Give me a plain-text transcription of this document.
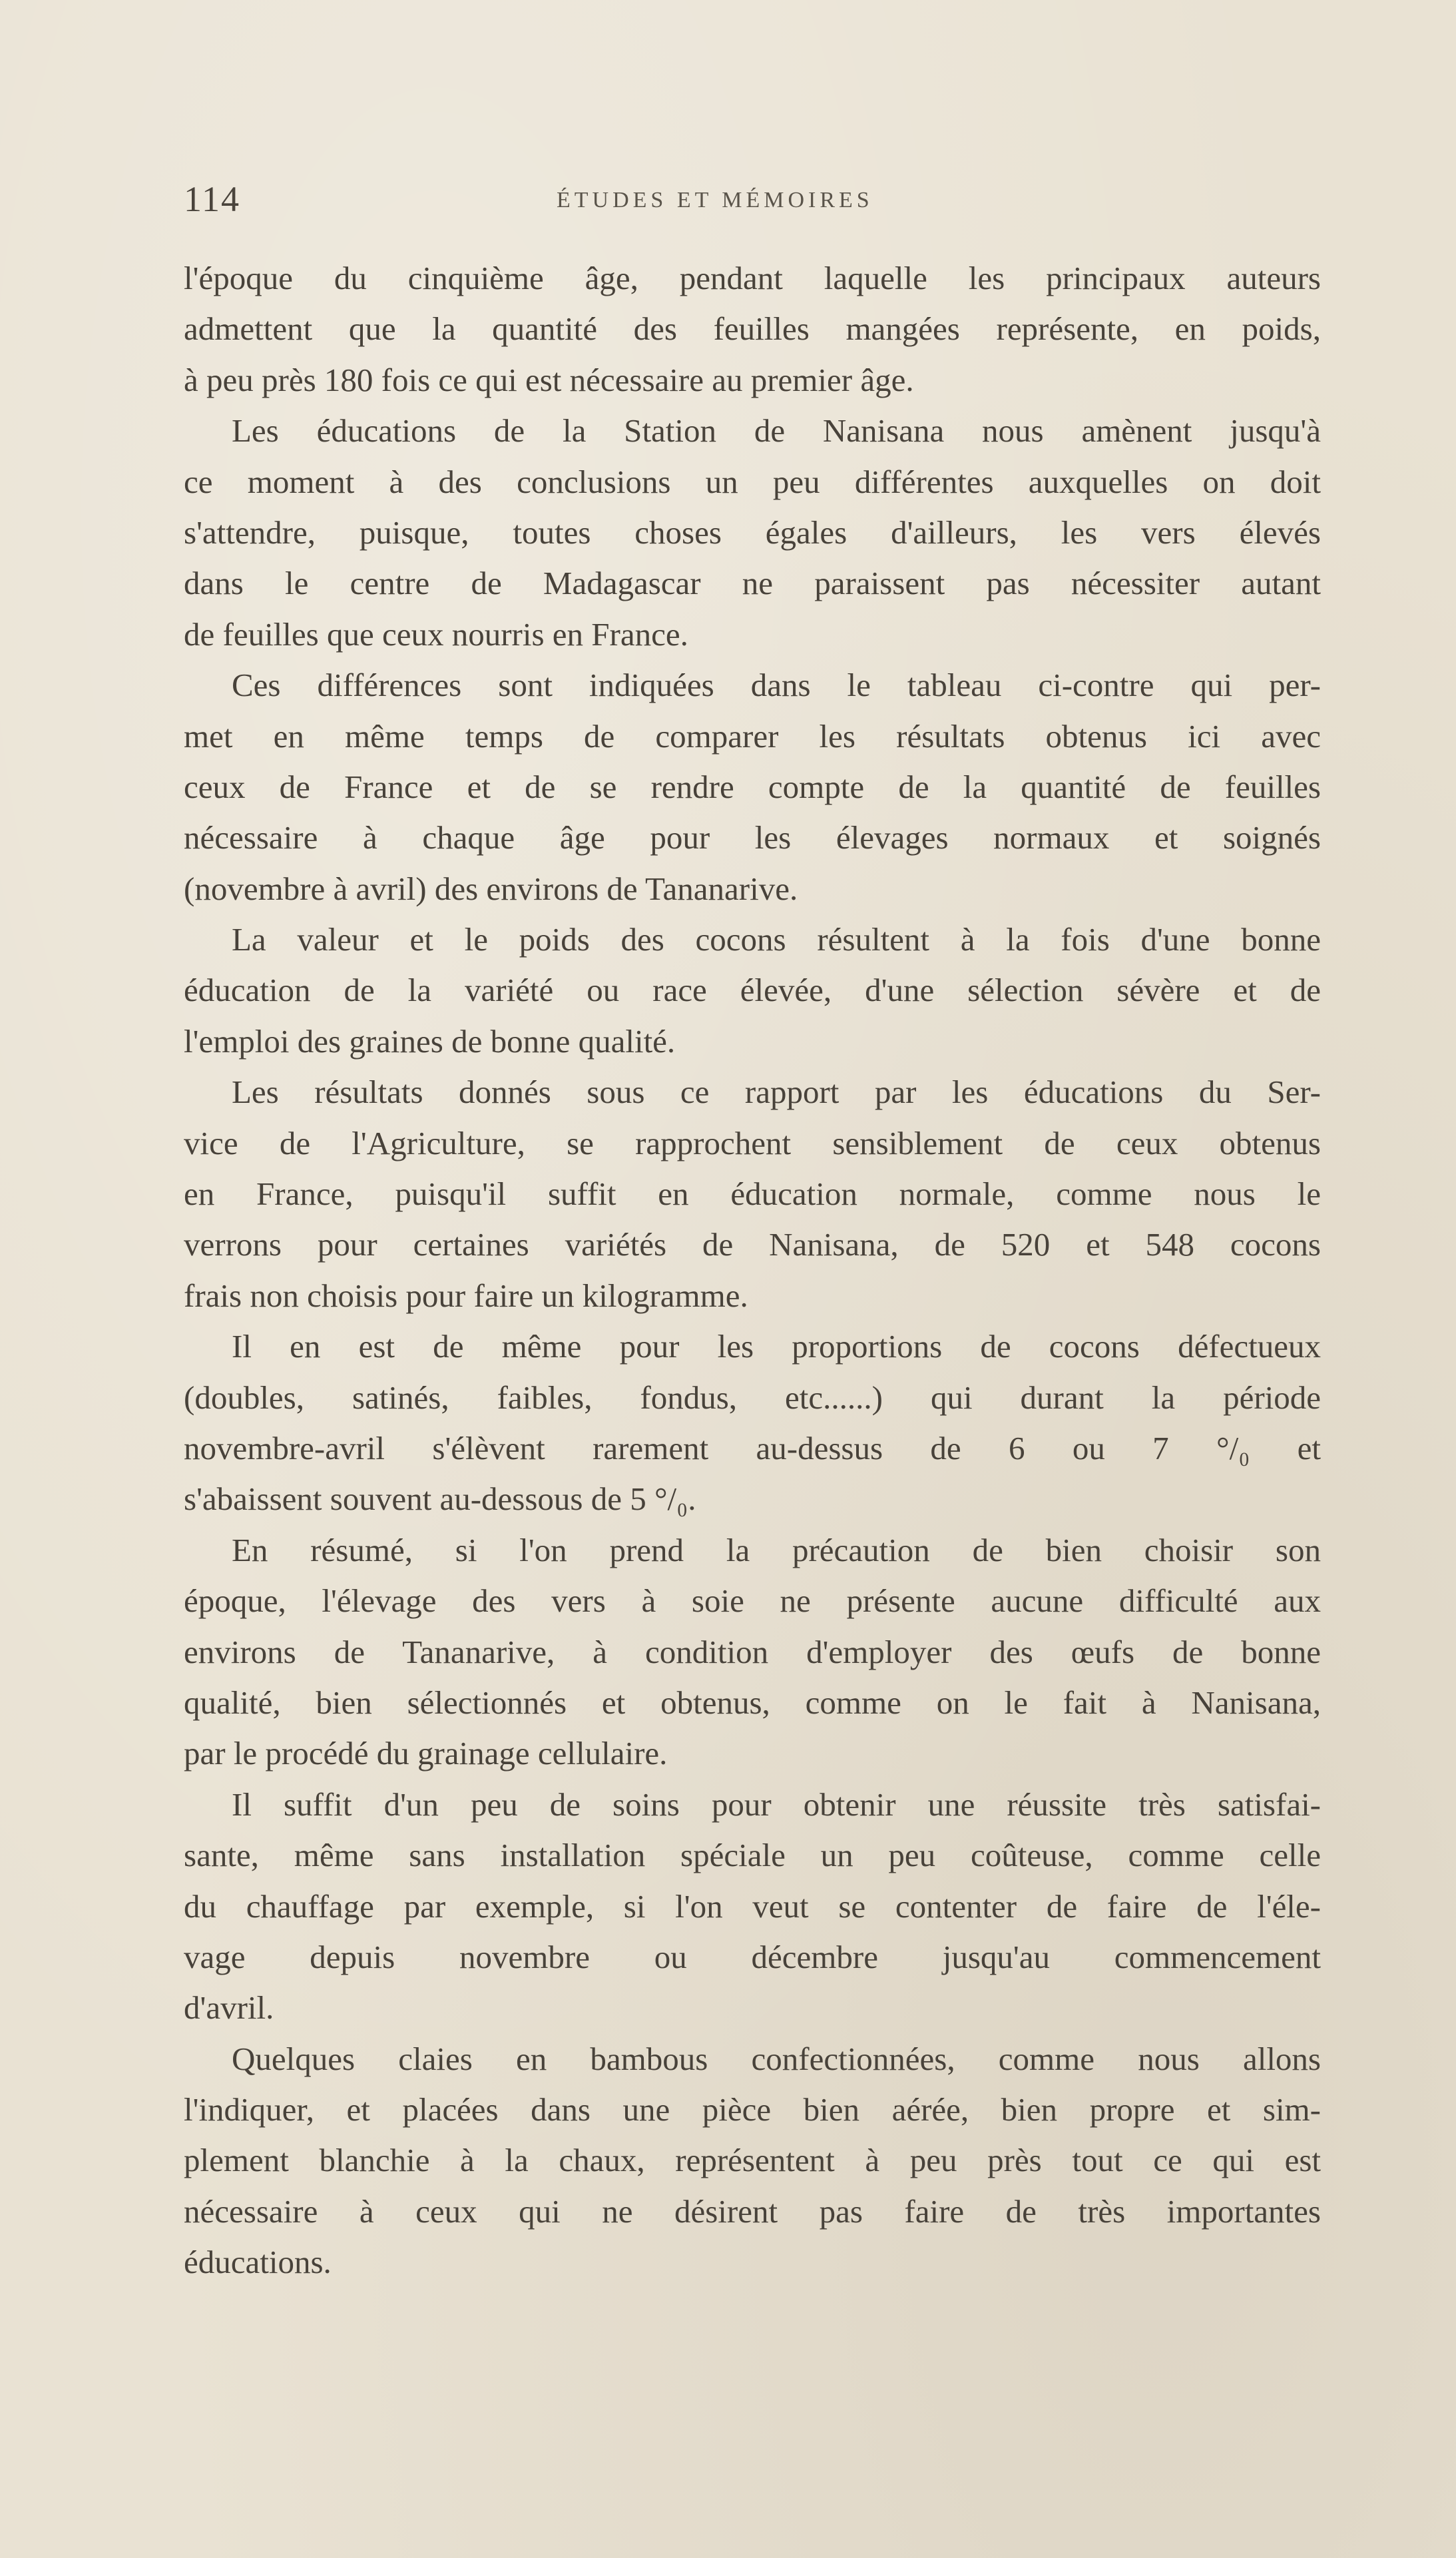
114	ÉTUDES ET MÉMOIRES

l'époque du cinquième âge, pendant laquelle les principaux auteurs
admettent que la quantité des feuilles mangées représente, en poids,
à peu près 180 fois ce qui est nécessaire au premier âge.

Les éducations de la Station de Nanisana nous amènent jusqu'à
ce moment à des conclusions un peu différentes auxquelles on doit
s'attendre, puisque, toutes choses égales d'ailleurs, les vers élevés
dans le centre de Madagascar ne paraissent pas nécessiter autant
de feuilles que ceux nourris en France.

Ces différences sont indiquées dans le tableau ci-contre qui per-
met en même temps de comparer les résultats obtenus ici avec
ceux de France et de se rendre compte de la quantité de feuilles
nécessaire à chaque âge pour les élevages normaux et soignés
(novembre à avril) des environs de Tananarive.

La valeur et le poids des cocons résultent à la fois d'une bonne
éducation de la variété ou race élevée, d'une sélection sévère et de
l'emploi des graines de bonne qualité.

Les résultats donnés sous ce rapport par les éducations du Ser-
vice de l'Agriculture, se rapprochent sensiblement de ceux obtenus
en France, puisqu'il suffit en éducation normale, comme nous le
verrons pour certaines variétés de Nanisana, de 520 et 548 cocons
frais non choisis pour faire un kilogramme.

Il en est de même pour les proportions de cocons défectueux
(doubles, satinés, faibles, fondus, etc......) qui durant la période
novembre-avril s'élèvent rarement au-dessus de 6 ou 7 °/₀ et
s'abaissent souvent au-dessous de 5 °/₀.

En résumé, si l'on prend la précaution de bien choisir son
époque, l'élevage des vers à soie ne présente aucune difficulté aux
environs de Tananarive, à condition d'employer des œufs de bonne
qualité, bien sélectionnés et obtenus, comme on le fait à Nanisana,
par le procédé du grainage cellulaire.

Il suffit d'un peu de soins pour obtenir une réussite très satisfai-
sante, même sans installation spéciale un peu coûteuse, comme celle
du chauffage par exemple, si l'on veut se contenter de faire de l'éle-
vage depuis novembre ou décembre jusqu'au commencement
d'avril.

Quelques claies en bambous confectionnées, comme nous allons
l'indiquer, et placées dans une pièce bien aérée, bien propre et sim-
plement blanchie à la chaux, représentent à peu près tout ce qui est
nécessaire à ceux qui ne désirent pas faire de très importantes
éducations.
